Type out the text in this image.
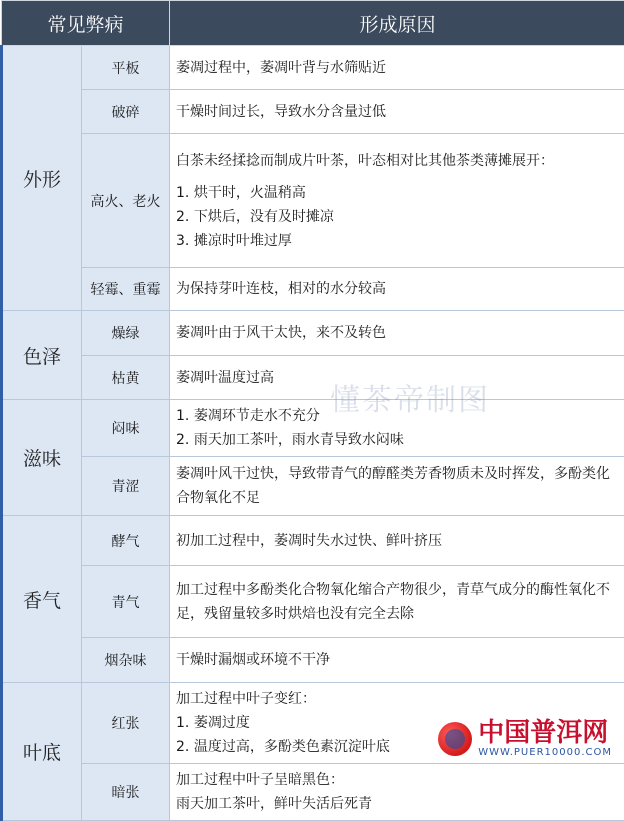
常见弊病		形成原因
外形	平板	萎凋过程中，萎凋叶背与水筛贴近

	破碎	干燥时间过长，导致水分含量过低

	高火、老火	白茶未经揉捻而制成片叶茶，叶态相对比其他茶类薄摊展开：
1. 烘干时，火温稍高
2. 下烘后，没有及时摊凉
3. 摊凉时叶堆过厚

	轻霉、重霉	为保持芽叶连枝，相对的水分较高

色泽	燥绿	萎凋叶由于风干太快，来不及转色

	枯黄	萎凋叶温度过高

滋味	闷味	1. 萎凋环节走水不充分
2. 雨天加工茶叶，雨水青导致水闷味

	青涩	萎凋叶风干过快，导致带青气的醇醛类芳香物质未及时挥发，多酚类化合物氧化不足

香气	酵气	初加工过程中，萎凋时失水过快、鲜叶挤压

	青气	加工过程中多酚类化合物氧化缩合产物很少，青草气成分的酶性氧化不足，残留量较多时烘焙也没有完全去除

	烟杂味	干燥时漏烟或环境不干净

叶底	红张	加工过程中叶子变红：
1. 萎凋过度
2. 温度过高，多酚类色素沉淀叶底

	暗张	加工过程中叶子呈暗黑色：
雨天加工茶叶，鲜叶失活后死青
懂茶帝制图
中国普洱网
WWW.PUER10000.COM
